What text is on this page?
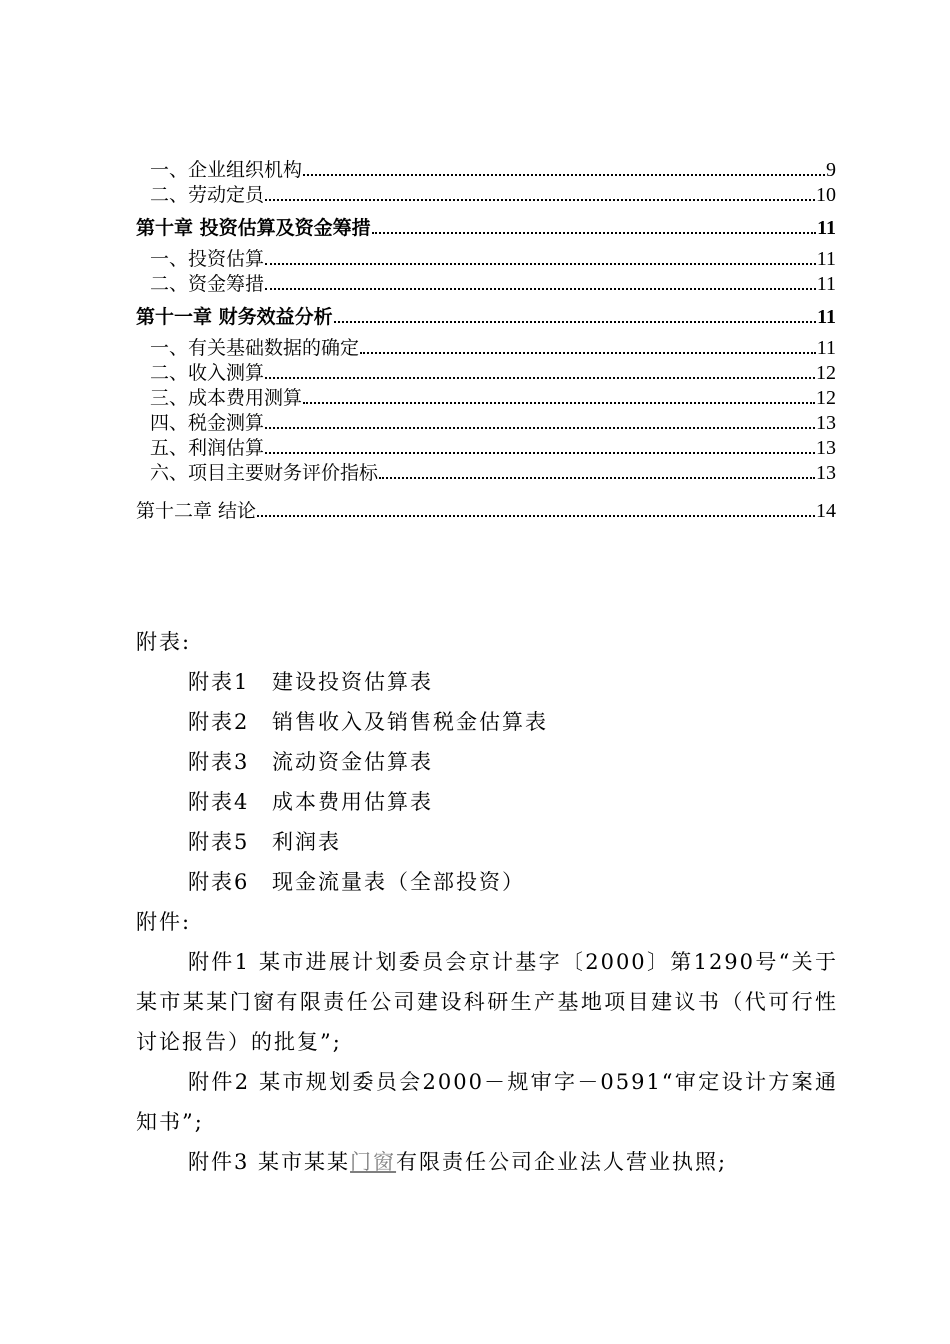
一、企业组织机构	9
二、劳动定员	10
第十章 投资估算及资金筹措	11
一、投资估算	11
二、资金筹措	11
第十一章 财务效益分析	11
一、有关基础数据的确定	11
二、收入测算	12
三、成本费用测算	12
四、税金测算	13
五、利润估算	13
六、项目主要财务评价指标	13
第十二章 结论	14
附表:
附表1 建设投资估算表
附表2 销售收入及销售税金估算表
附表3 流动资金估算表
附表4 成本费用估算表
附表5 利润表
附表6 现金流量表（全部投资）
附件:
附件1 某市进展计划委员会京计基字〔2000〕第1290号“关于某市某某门窗有限责任公司建设科研生产基地项目建议书（代可行性讨论报告）的批复”;
附件2 某市规划委员会2000－规审字－0591“审定设计方案通知书”;
附件3 某市某某门窗有限责任公司企业法人营业执照;
